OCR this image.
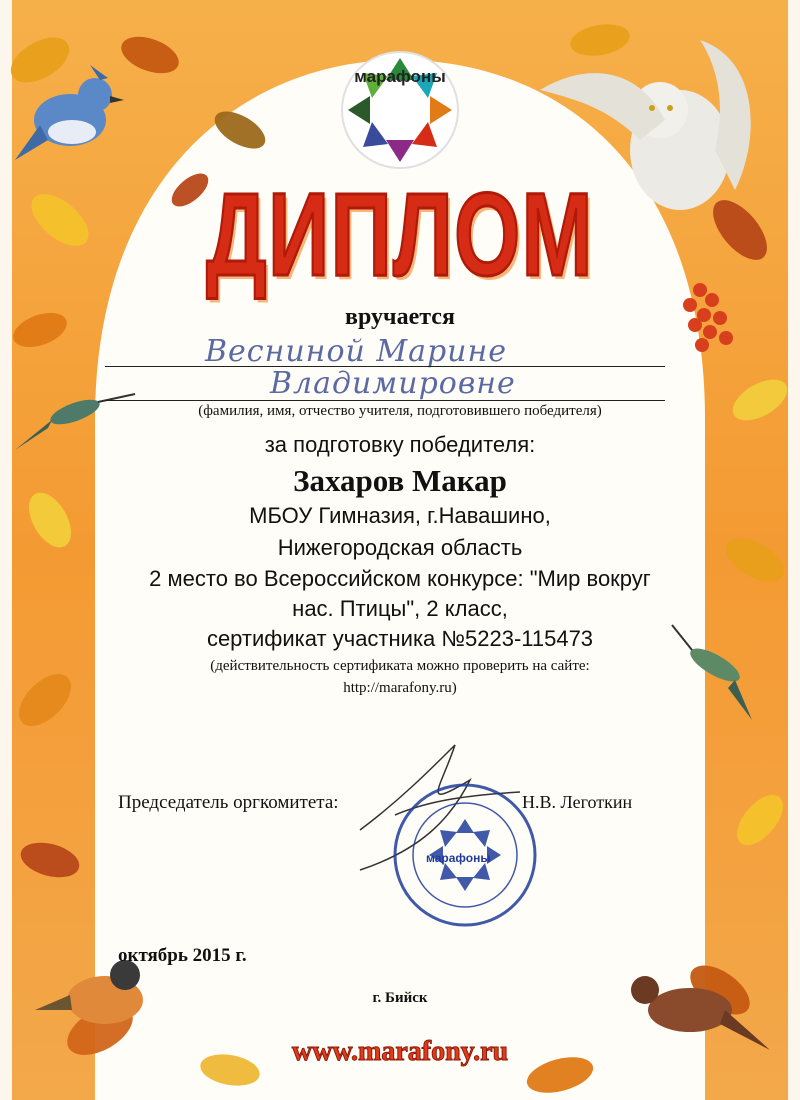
марафоны
ДИПЛОМ
вручается
Весниной Марине
Владимировне
(фамилия, имя, отчество учителя, подготовившего победителя)
за подготовку победителя:
Захаров Макар
МБОУ Гимназия, г.Навашино,
Нижегородская область
2 место во Всероссийском конкурсе: "Мир вокруг
нас. Птицы", 2 класс,
сертификат участника №5223-115473
(действительность сертификата можно проверить на сайте:
http://marafony.ru)
Председатель оргкомитета:	Н.В. Леготкин
марафоны
октябрь 2015 г.
г. Бийск
www.marafony.ru
